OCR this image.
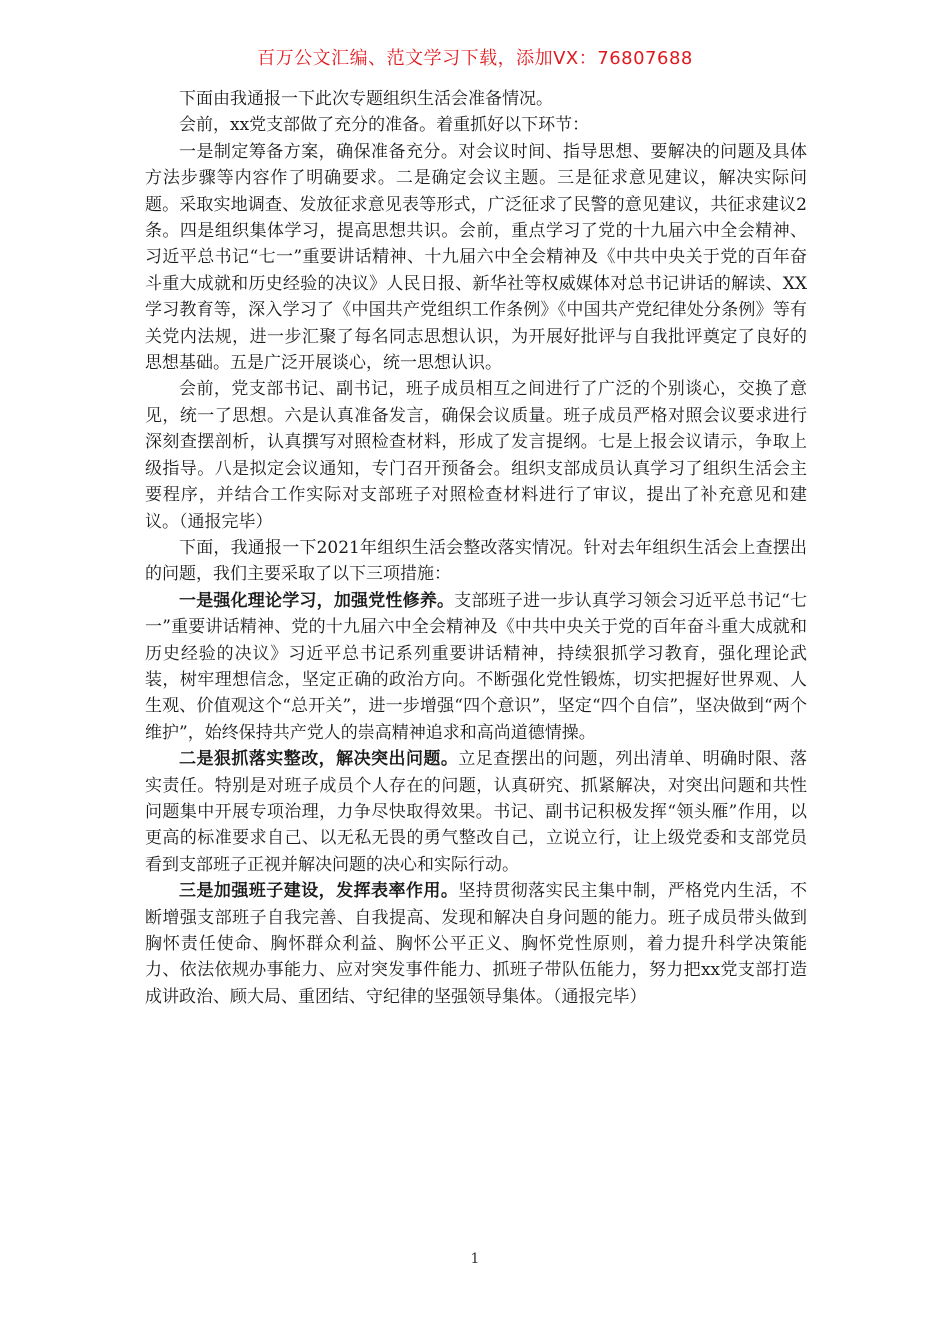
百万公文汇编、范文学习下载，添加VX：76807688

下面由我通报一下此次专题组织生活会准备情况。

会前，xx党支部做了充分的准备。着重抓好以下环节：

一是制定筹备方案，确保准备充分。对会议时间、指导思想、要解决的问题及具体方法步骤等内容作了明确要求。二是确定会议主题。三是征求意见建议，解决实际问题。采取实地调查、发放征求意见表等形式，广泛征求了民警的意见建议，共征求建议2条。四是组织集体学习，提高思想共识。会前，重点学习了党的十九届六中全会精神、习近平总书记“七一”重要讲话精神、十九届六中全会精神及《中共中央关于党的百年奋斗重大成就和历史经验的决议》人民日报、新华社等权威媒体对总书记讲话的解读、XX学习教育等，深入学习了《中国共产党组织工作条例》《中国共产党纪律处分条例》等有关党内法规，进一步汇聚了每名同志思想认识，为开展好批评与自我批评奠定了良好的思想基础。五是广泛开展谈心，统一思想认识。

会前，党支部书记、副书记，班子成员相互之间进行了广泛的个别谈心，交换了意见，统一了思想。六是认真准备发言，确保会议质量。班子成员严格对照会议要求进行深刻查摆剖析，认真撰写对照检查材料，形成了发言提纲。七是上报会议请示，争取上级指导。八是拟定会议通知，专门召开预备会。组织支部成员认真学习了组织生活会主要程序，并结合工作实际对支部班子对照检查材料进行了审议，提出了补充意见和建议。（通报完毕）

下面，我通报一下2021年组织生活会整改落实情况。针对去年组织生活会上查摆出的问题，我们主要采取了以下三项措施：

一是强化理论学习，加强党性修养。支部班子进一步认真学习领会习近平总书记“七一”重要讲话精神、党的十九届六中全会精神及《中共中央关于党的百年奋斗重大成就和历史经验的决议》习近平总书记系列重要讲话精神，持续狠抓学习教育，强化理论武装，树牢理想信念，坚定正确的政治方向。不断强化党性锻炼，切实把握好世界观、人生观、价值观这个“总开关”，进一步增强“四个意识”，坚定“四个自信”，坚决做到“两个维护”，始终保持共产党人的崇高精神追求和高尚道德情操。

二是狠抓落实整改，解决突出问题。立足查摆出的问题，列出清单、明确时限、落实责任。特别是对班子成员个人存在的问题，认真研究、抓紧解决，对突出问题和共性问题集中开展专项治理，力争尽快取得效果。书记、副书记积极发挥“领头雁”作用，以更高的标准要求自己、以无私无畏的勇气整改自己，立说立行，让上级党委和支部党员看到支部班子正视并解决问题的决心和实际行动。

三是加强班子建设，发挥表率作用。坚持贯彻落实民主集中制，严格党内生活，不断增强支部班子自我完善、自我提高、发现和解决自身问题的能力。班子成员带头做到胸怀责任使命、胸怀群众利益、胸怀公平正义、胸怀党性原则，着力提升科学决策能力、依法依规办事能力、应对突发事件能力、抓班子带队伍能力，努力把xx党支部打造成讲政治、顾大局、重团结、守纪律的坚强领导集体。（通报完毕）

1
